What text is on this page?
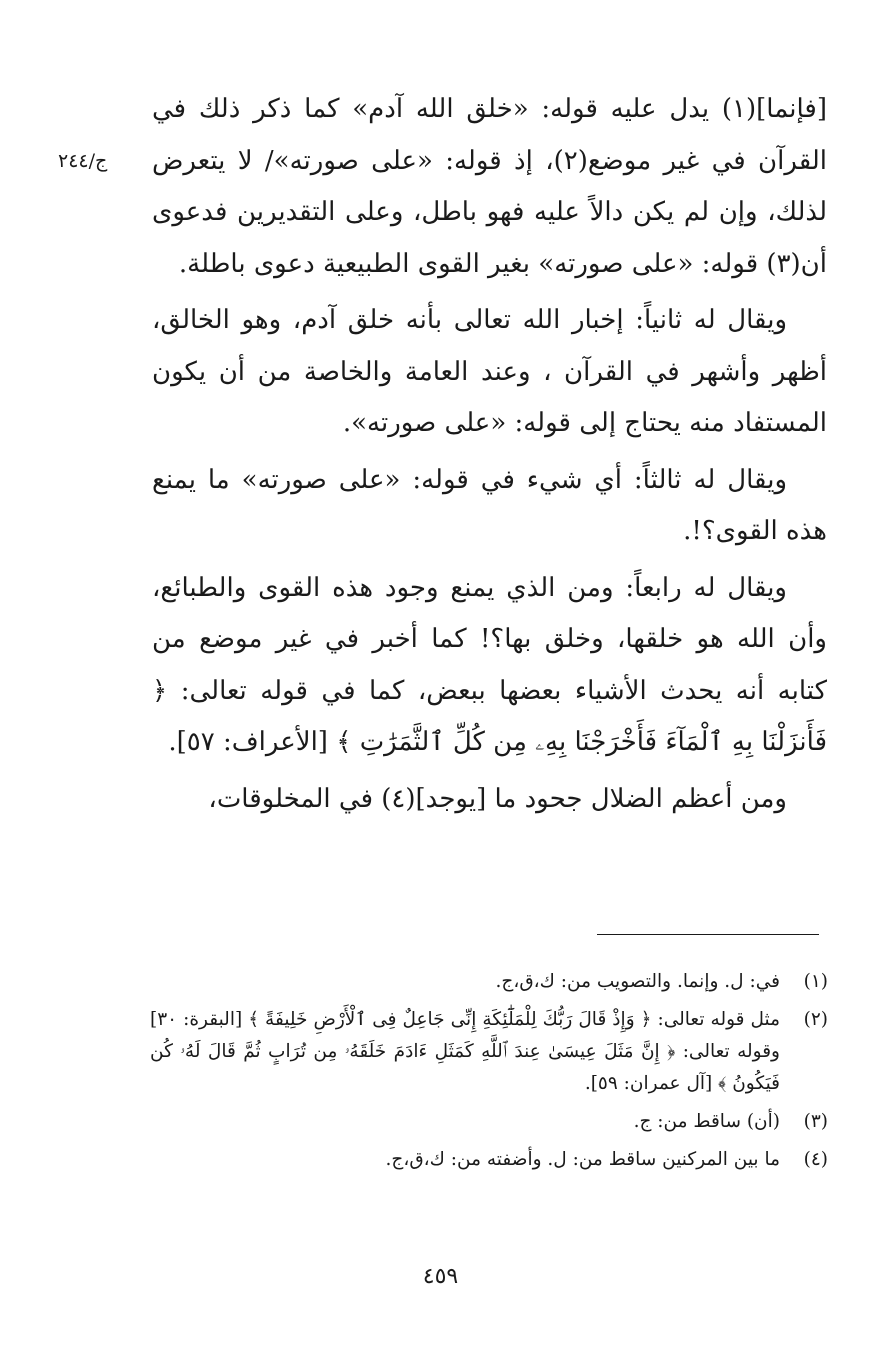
ج/٢٤٤

[فإنما](١) يدل عليه قوله: «خلق الله آدم» كما ذكر ذلك في القرآن في غير موضع(٢)، إذ قوله: «على صورته»/ لا يتعرض لذلك، وإن لم يكن دالاً عليه فهو باطل، وعلى التقديرين فدعوى أن(٣) قوله: «على صورته» بغير القوى الطبيعية دعوى باطلة.

ويقال له ثانياً: إخبار الله تعالى بأنه خلق آدم، وهو الخالق، أظهر وأشهر في القرآن ، وعند العامة والخاصة من أن يكون المستفاد منه يحتاج إلى قوله: «على صورته».

ويقال له ثالثاً: أي شيء في قوله: «على صورته» ما يمنع هذه القوى؟!.

ويقال له رابعاً: ومن الذي يمنع وجود هذه القوى والطبائع، وأن الله هو خلقها، وخلق بها؟! كما أخبر في غير موضع من كتابه أنه يحدث الأشياء بعضها ببعض، كما في قوله تعالى: ﴿ فَأَنزَلْنَا بِهِ ٱلْمَآءَ فَأَخْرَجْنَا بِهِۦ مِن كُلِّ ٱلثَّمَرَٰتِ ﴾ [الأعراف: ٥٧].

ومن أعظم الضلال جحود ما [يوجد](٤) في المخلوقات،

(١)
في: ل. وإنما. والتصويب من: ك،ق،ج.
(٢)
مثل قوله تعالى: ﴿ وَإِذْ قَالَ رَبُّكَ لِلْمَلَٰٓئِكَةِ إِنِّى جَاعِلٌ فِى ٱلْأَرْضِ خَلِيفَةً ﴾ [البقرة: ٣٠] وقوله تعالى: ﴿ إِنَّ مَثَلَ عِيسَىٰ عِندَ ٱللَّهِ كَمَثَلِ ءَادَمَ خَلَقَهُۥ مِن تُرَابٍ ثُمَّ قَالَ لَهُۥ كُن فَيَكُونُ ﴾ [آل عمران: ٥٩].
(٣)
(أن) ساقط من: ج.
(٤)
ما بين المركنين ساقط من: ل. وأضفته من: ك،ق،ج.
٤٥٩
